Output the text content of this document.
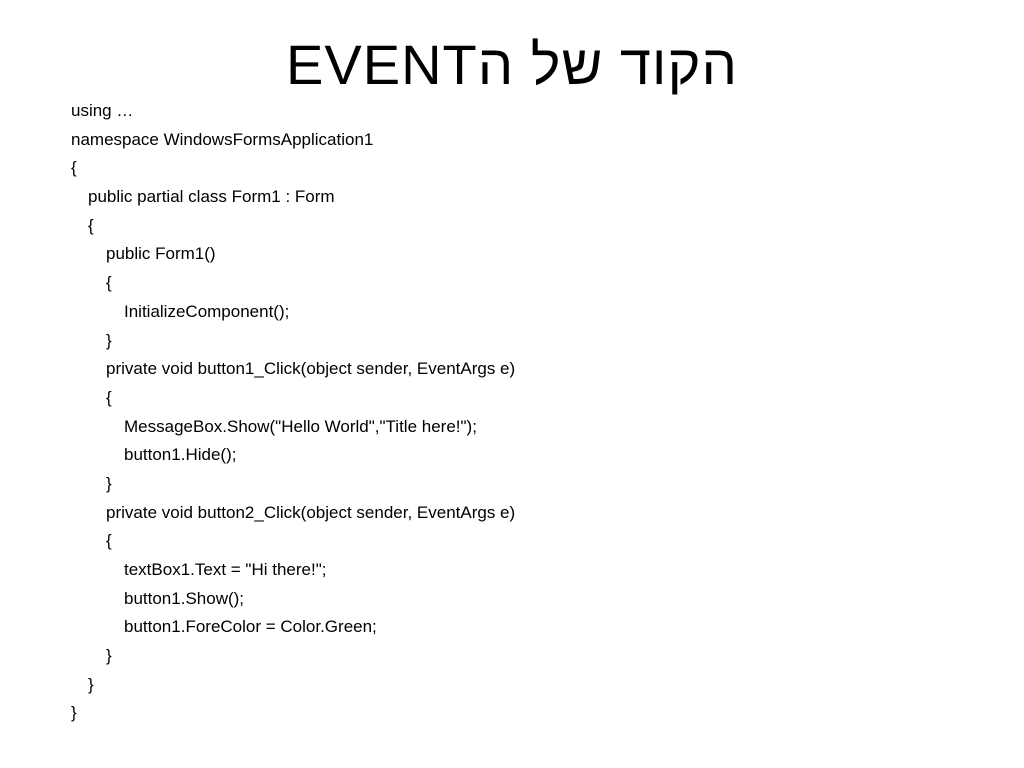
הקוד של הEVENT
using …
namespace WindowsFormsApplication1
{
public partial class Form1 : Form
{
public Form1()
{
InitializeComponent();
}
private void button1_Click(object sender, EventArgs e)
{
MessageBox.Show("Hello World","Title here!");
button1.Hide();
}
private void button2_Click(object sender, EventArgs e)
{
textBox1.Text = "Hi there!";
button1.Show();
button1.ForeColor = Color.Green;
}
}
}
